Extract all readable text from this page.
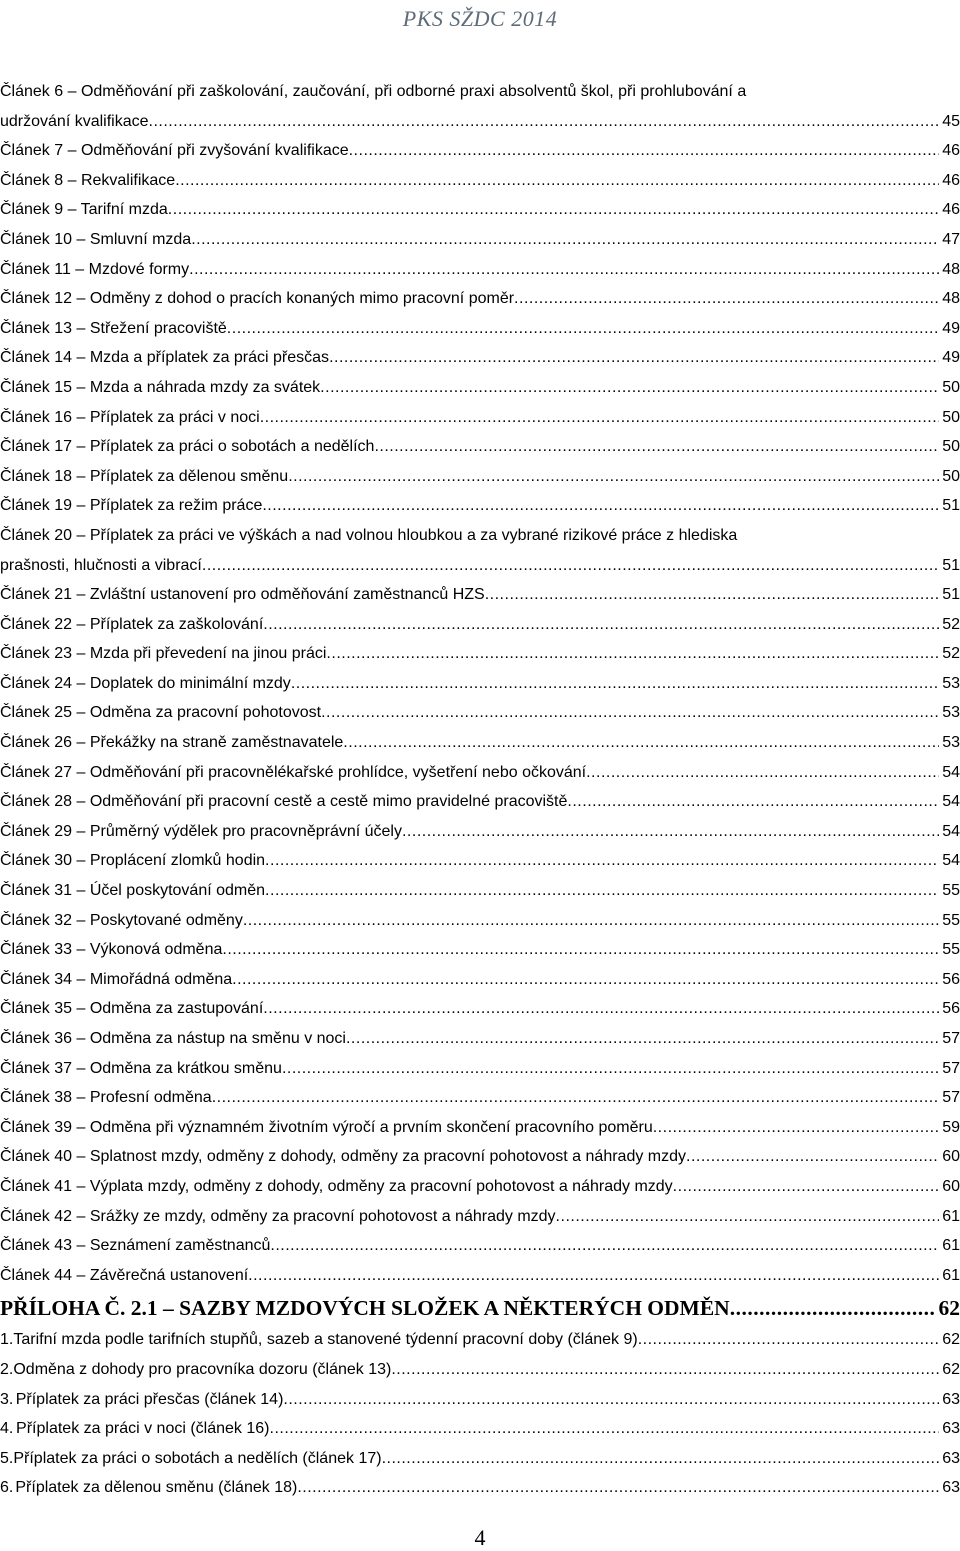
PKS SŽDC 2014
Článek 6 – Odměňování při zaškolování, zaučování, při odborné praxi absolventů škol, při prohlubování a
udržování kvalifikace .....	45
Článek 7 – Odměňování při zvyšování kvalifikace .....	46
Článek 8 – Rekvalifikace .....	46
Článek 9 – Tarifní mzda .....	46
Článek 10 – Smluvní mzda .....	47
Článek 11 – Mzdové formy .....	48
Článek 12 – Odměny z dohod o pracích konaných mimo pracovní poměr .....	48
Článek 13 – Střežení pracoviště .....	49
Článek 14 – Mzda a příplatek za práci přesčas .....	49
Článek 15 – Mzda a náhrada mzdy za svátek .....	50
Článek 16 – Příplatek za práci v noci .....	50
Článek 17 – Příplatek za práci o sobotách a nedělích .....	50
Článek 18 – Příplatek za dělenou směnu .....	50
Článek 19 – Příplatek za režim práce .....	51
Článek 20 – Příplatek za práci ve výškách a nad volnou hloubkou a za vybrané rizikové práce z hlediska
prašnosti, hlučnosti a vibrací .....	51
Článek 21 – Zvláštní ustanovení pro odměňování zaměstnanců HZS .....	51
Článek 22 – Příplatek za zaškolování .....	52
Článek 23 – Mzda při převedení na jinou práci .....	52
Článek 24 – Doplatek do minimální mzdy .....	53
Článek 25 – Odměna za pracovní pohotovost .....	53
Článek 26 – Překážky na straně zaměstnavatele .....	53
Článek 27 – Odměňování při pracovnělékařské prohlídce, vyšetření nebo očkování .....	54
Článek 28 – Odměňování při pracovní cestě a cestě mimo pravidelné pracoviště .....	54
Článek 29 – Průměrný výdělek pro pracovněprávní účely .....	54
Článek 30 – Proplácení zlomků hodin .....	54
Článek 31 – Účel poskytování odměn .....	55
Článek 32 – Poskytované odměny .....	55
Článek 33 – Výkonová odměna .....	55
Článek 34 – Mimořádná odměna .....	56
Článek 35 – Odměna za zastupování .....	56
Článek 36 – Odměna za nástup na směnu v noci .....	57
Článek 37 – Odměna za krátkou směnu .....	57
Článek 38 – Profesní odměna .....	57
Článek 39 – Odměna při významném životním výročí a prvním skončení pracovního poměru .....	59
Článek 40 – Splatnost mzdy, odměny z dohody, odměny za pracovní pohotovost a náhrady mzdy .....	60
Článek 41 – Výplata mzdy, odměny z dohody, odměny za pracovní pohotovost a náhrady mzdy .....	60
Článek 42 – Srážky ze mzdy, odměny za pracovní pohotovost a náhrady mzdy .....	61
Článek 43 – Seznámení zaměstnanců .....	61
Článek 44 – Závěrečná ustanovení .....	61
PŘÍLOHA Č. 2.1 – SAZBY MZDOVÝCH SLOŽEK A NĚKTERÝCH ODMĚN .....	62
1. Tarifní mzda podle tarifních stupňů, sazeb a stanovené týdenní pracovní doby (článek 9) .....	62
2. Odměna z dohody pro pracovníka dozoru (článek 13) .....	62
3. Příplatek za práci přesčas (článek 14) .....	63
4. Příplatek za práci v noci (článek 16) .....	63
5. Příplatek za práci o sobotách a nedělích (článek 17) .....	63
6. Příplatek za dělenou směnu (článek 18) .....	63
4
